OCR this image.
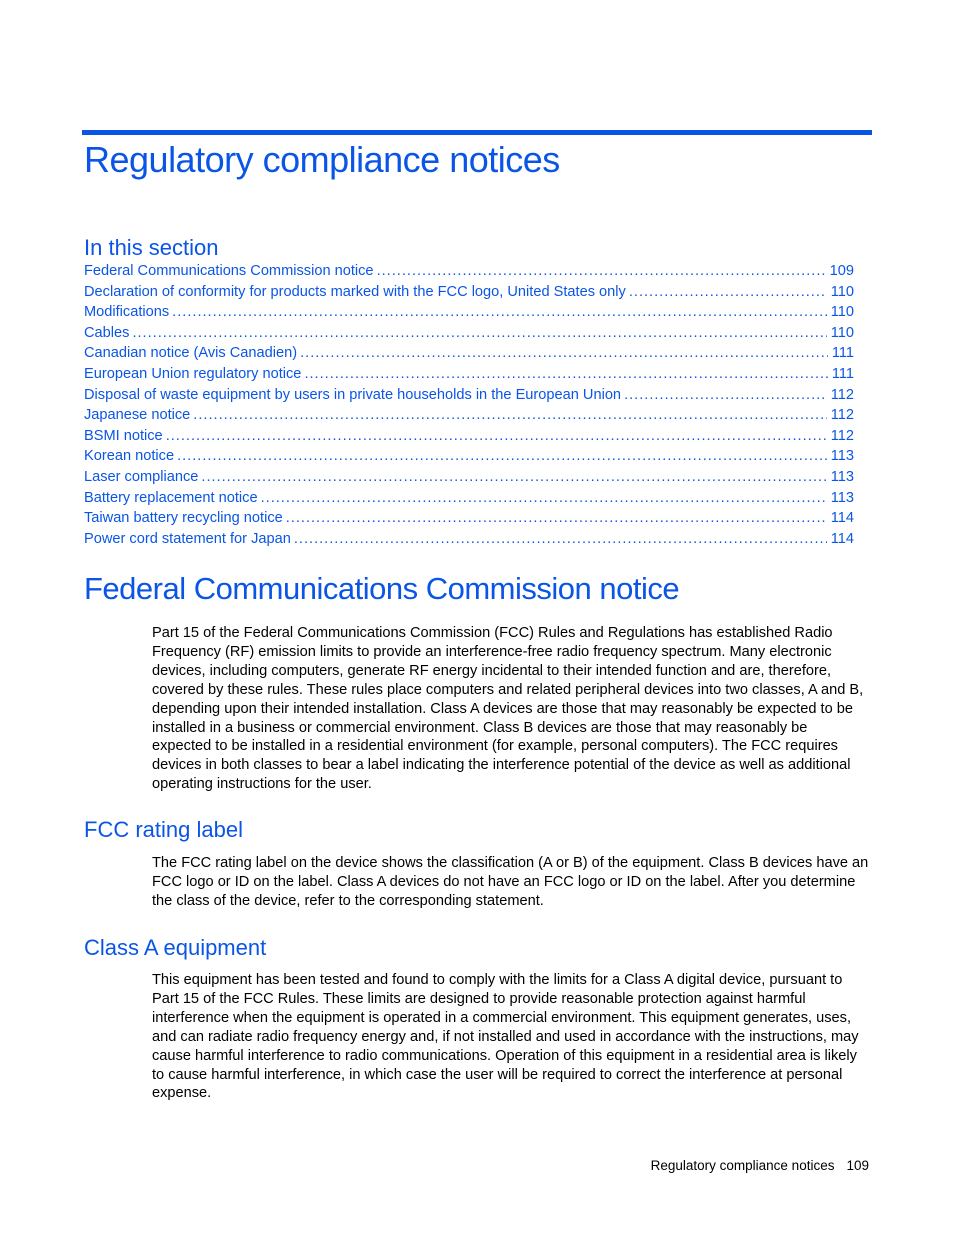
Regulatory compliance notices
In this section
Federal Communications Commission notice .....	109
Declaration of conformity for products marked with the FCC logo, United States only .....	110
Modifications .....	110
Cables .....	110
Canadian notice (Avis Canadien) .....	111
European Union regulatory notice .....	111
Disposal of waste equipment by users in private households in the European Union .....	112
Japanese notice .....	112
BSMI notice .....	112
Korean notice .....	113
Laser compliance .....	113
Battery replacement notice .....	113
Taiwan battery recycling notice .....	114
Power cord statement for Japan .....	114
Federal Communications Commission notice

Part 15 of the Federal Communications Commission (FCC) Rules and Regulations has established Radio Frequency (RF) emission limits to provide an interference-free radio frequency spectrum. Many electronic devices, including computers, generate RF energy incidental to their intended function and are, therefore, covered by these rules. These rules place computers and related peripheral devices into two classes, A and B, depending upon their intended installation. Class A devices are those that may reasonably be expected to be installed in a business or commercial environment. Class B devices are those that may reasonably be expected to be installed in a residential environment (for example, personal computers). The FCC requires devices in both classes to bear a label indicating the interference potential of the device as well as additional operating instructions for the user.

FCC rating label

The FCC rating label on the device shows the classification (A or B) of the equipment. Class B devices have an FCC logo or ID on the label. Class A devices do not have an FCC logo or ID on the label. After you determine the class of the device, refer to the corresponding statement.

Class A equipment

This equipment has been tested and found to comply with the limits for a Class A digital device, pursuant to Part 15 of the FCC Rules. These limits are designed to provide reasonable protection against harmful interference when the equipment is operated in a commercial environment. This equipment generates, uses, and can radiate radio frequency energy and, if not installed and used in accordance with the instructions, may cause harmful interference to radio communications. Operation of this equipment in a residential area is likely to cause harmful interference, in which case the user will be required to correct the interference at personal expense.

Regulatory compliance notices 109
